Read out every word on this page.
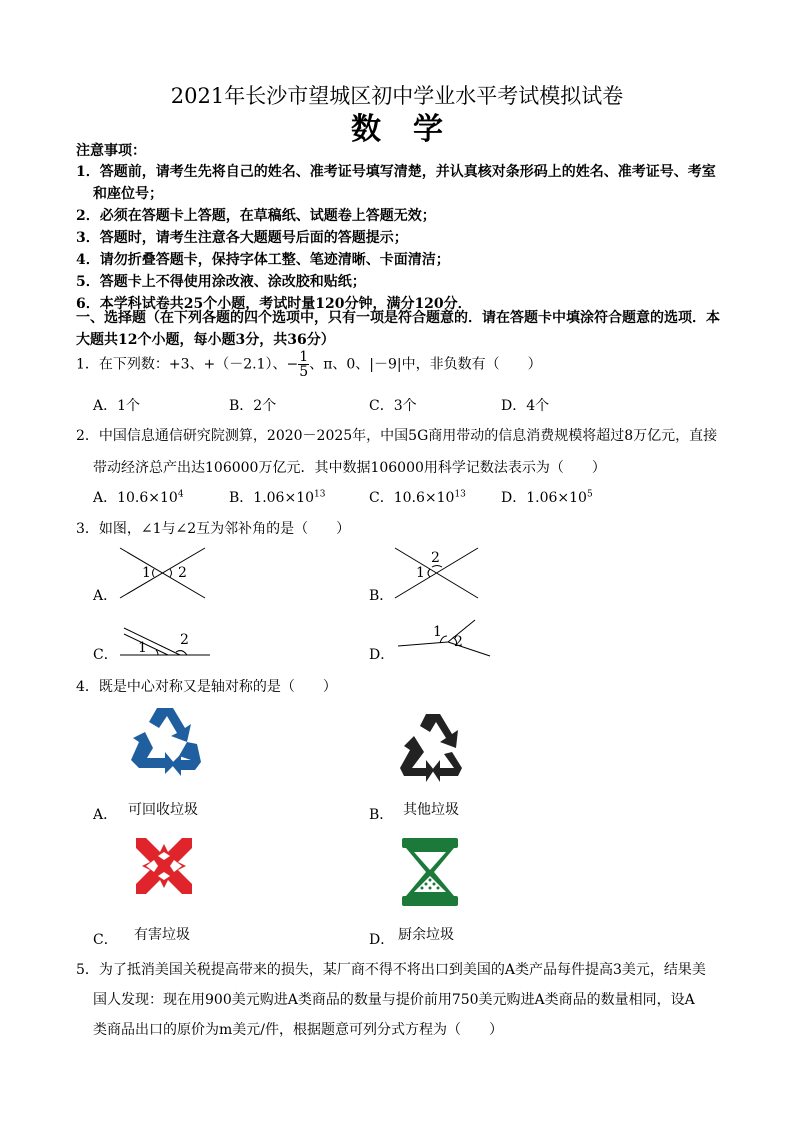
2021年长沙市望城区初中学业水平考试模拟试卷
数学
注意事项：
1．答题前，请考生先将自己的姓名、准考证号填写清楚，并认真核对条形码上的姓名、准考证号、考室
和座位号；
2．必须在答题卡上答题，在草稿纸、试题卷上答题无效；
3．答题时，请考生注意各大题题号后面的答题提示；
4．请勿折叠答题卡，保持字体工整、笔迹清晰、卡面清洁；
5．答题卡上不得使用涂改液、涂改胶和贴纸；
6．本学科试卷共25个小题，考试时量120分钟，满分120分．
一、选择题（在下列各题的四个选项中，只有一项是符合题意的．请在答题卡中填涂符合题意的选项．本
大题共12个小题，每小题3分，共36分）
1．在下列数：+3、+（－2.1）、− $\frac{1}{5}$ 、π、0、|－9|中，非负数有（　　）
A．1个	B．2个	C．3个	D．4个
2．中国信息通信研究院测算，2020－2025年，中国5G商用带动的信息消费规模将超过8万亿元，直接
带动经济总产出达106000万亿元．其中数据106000用科学记数法表示为（　　）
A．$10.6\times 10^4$	B．$1.06\times 10^{13}$	C．$10.6\times 10^{13}$	D．$1.06\times 10^5$
3．如图，∠1与∠2互为邻补角的是（　　）
A．	B．
C．	D．
1 2	1
2
1 2	1
2
4．既是中心对称又是轴对称的是（　　）
A． 可回收垃圾	B． 其他垃圾
C． 有害垃圾	D． 厨余垃圾
5．为了抵消美国关税提高带来的损失，某厂商不得不将出口到美国的A类产品每件提高3美元，结果美
国人发现：现在用900美元购进A类商品的数量与提价前用750美元购进A类商品的数量相同，设A
类商品出口的原价为m美元/件，根据题意可列分式方程为（　　）
